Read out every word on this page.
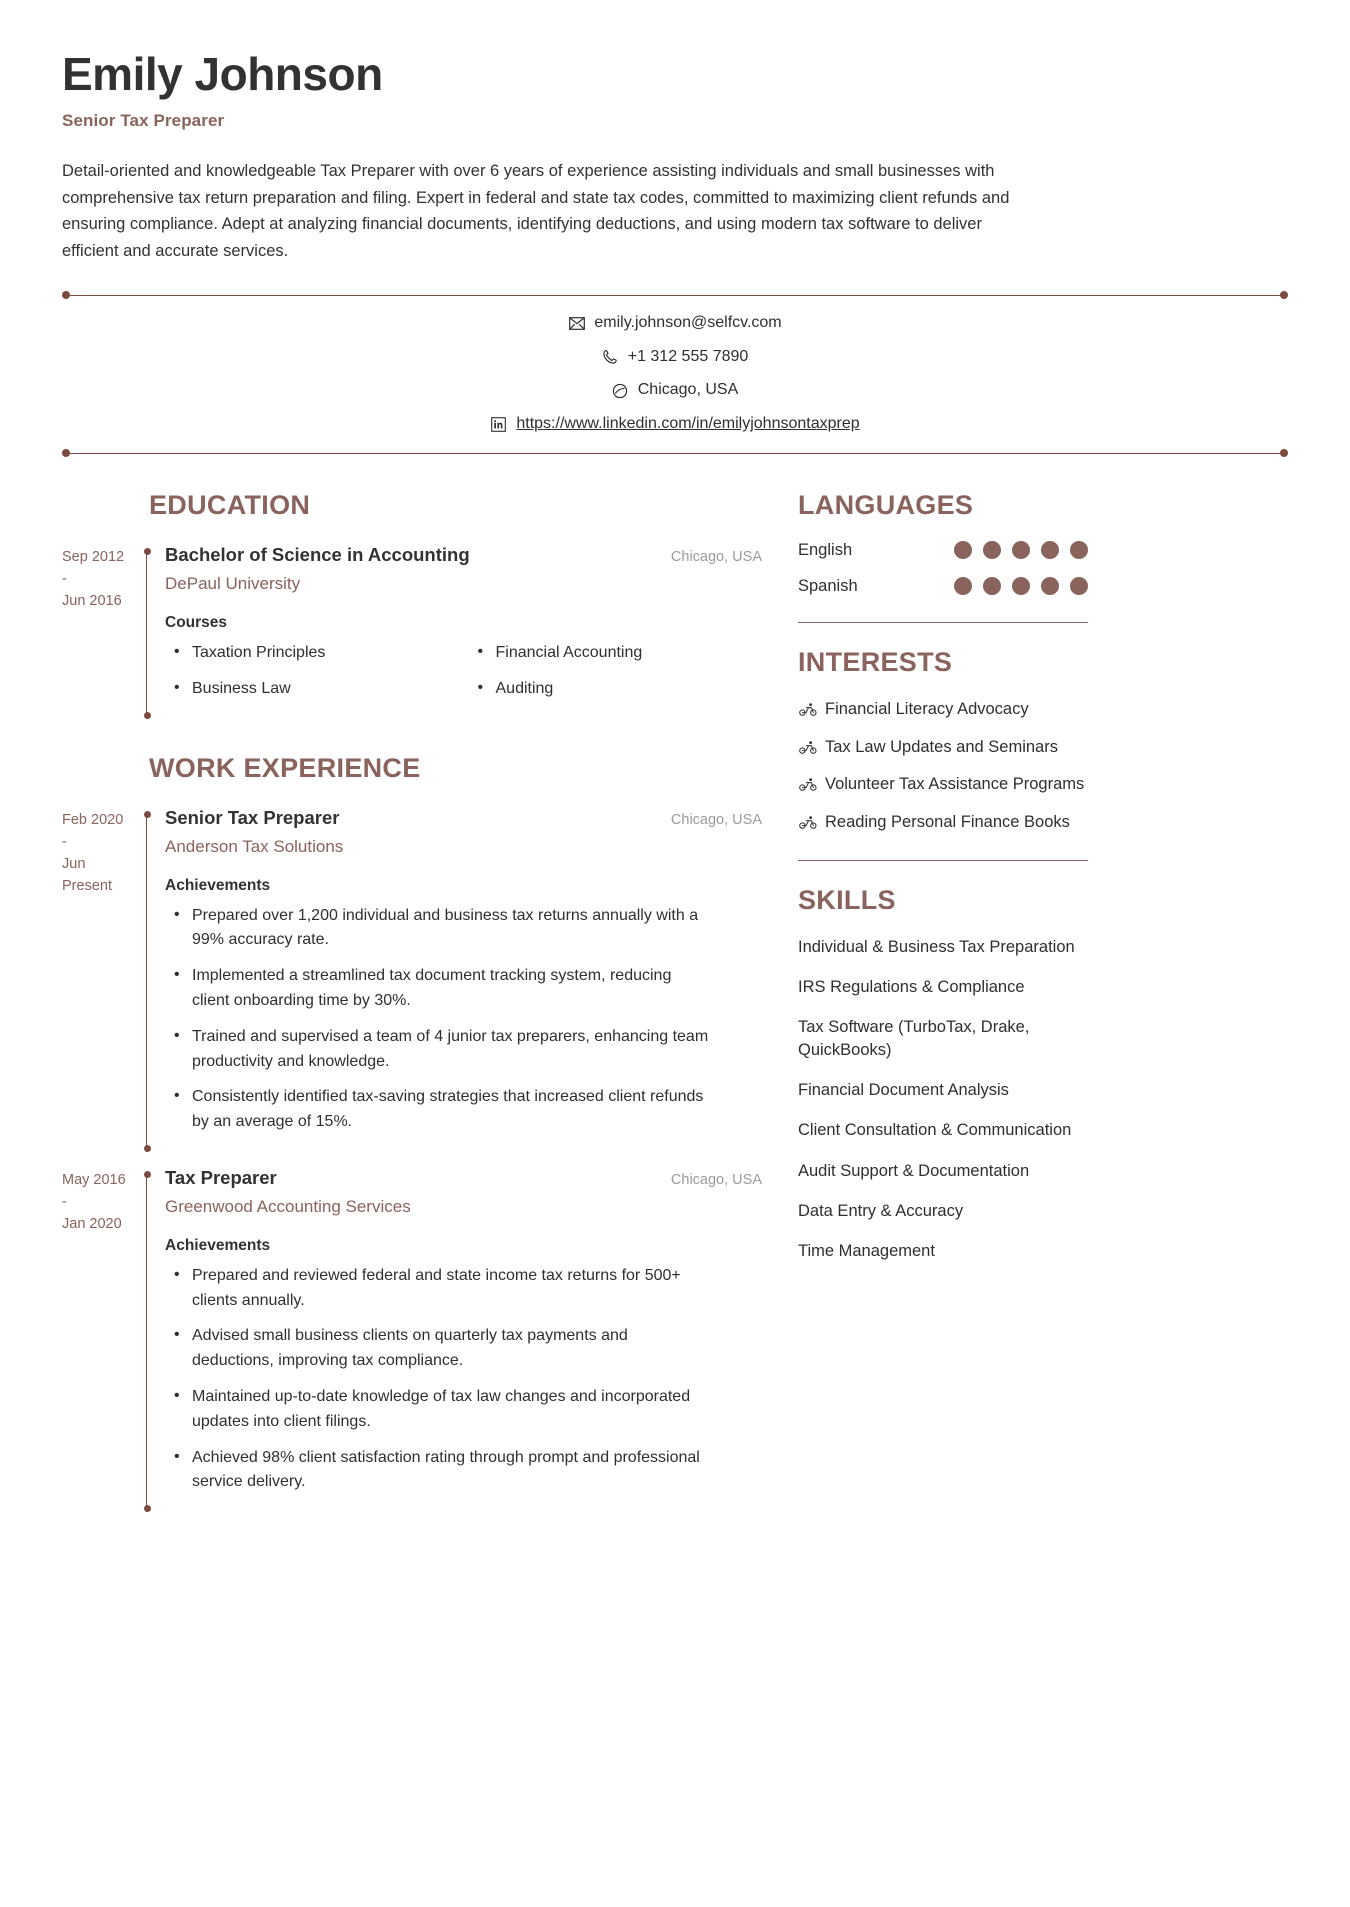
Emily Johnson
Senior Tax Preparer
Detail-oriented and knowledgeable Tax Preparer with over 6 years of experience assisting individuals and small businesses with comprehensive tax return preparation and filing. Expert in federal and state tax codes, committed to maximizing client refunds and ensuring compliance. Adept at analyzing financial documents, identifying deductions, and using modern tax software to deliver efficient and accurate services.
emily.johnson@selfcv.com
+1 312 555 7890
Chicago, USA
https://www.linkedin.com/in/emilyjohnsontaxprep
EDUCATION
Sep 2012
-
Jun 2016
Bachelor of Science in Accounting	Chicago, USA
DePaul University
Courses
• Taxation Principles	• Financial Accounting
• Business Law	• Auditing
WORK EXPERIENCE
Feb 2020
-
Jun
Present
Senior Tax Preparer	Chicago, USA
Anderson Tax Solutions
Achievements
• Prepared over 1,200 individual and business tax returns annually with a 99% accuracy rate.
• Implemented a streamlined tax document tracking system, reducing client onboarding time by 30%.
• Trained and supervised a team of 4 junior tax preparers, enhancing team productivity and knowledge.
• Consistently identified tax-saving strategies that increased client refunds by an average of 15%.
May 2016
-
Jan 2020
Tax Preparer	Chicago, USA
Greenwood Accounting Services
Achievements
• Prepared and reviewed federal and state income tax returns for 500+ clients annually.
• Advised small business clients on quarterly tax payments and deductions, improving tax compliance.
• Maintained up-to-date knowledge of tax law changes and incorporated updates into client filings.
• Achieved 98% client satisfaction rating through prompt and professional service delivery.
LANGUAGES
English
Spanish
INTERESTS
Financial Literacy Advocacy
Tax Law Updates and Seminars
Volunteer Tax Assistance Programs
Reading Personal Finance Books
SKILLS
Individual & Business Tax Preparation
IRS Regulations & Compliance
Tax Software (TurboTax, Drake, QuickBooks)
Financial Document Analysis
Client Consultation & Communication
Audit Support & Documentation
Data Entry & Accuracy
Time Management
